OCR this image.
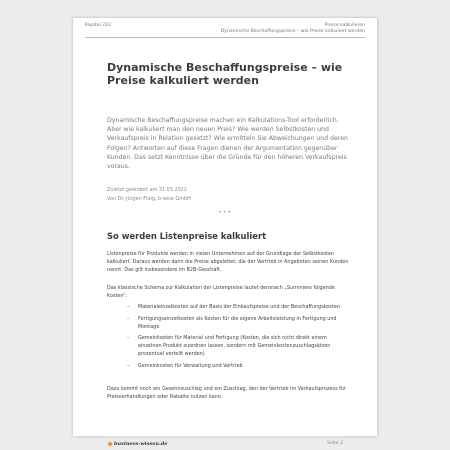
Kapitel 222	Preise kalkulieren
Dynamische Beschaffungspreise – wie Preise kalkuliert werden
Dynamische Beschaffungspreise – wie Preise kalkuliert werden
Dynamische Beschaffungspreise machen ein Kalkulations-Tool erforderlich. Aber wie kalkuliert man den neuen Preis? Wie werden Selbstkosten und Verkaufspreis in Relation gesetzt? Wie ermitteln Sie Abweichungen und deren Folgen? Antworten auf diese Fragen dienen der Argumentation gegenüber Kunden. Das setzt Kenntnisse über die Gründe für den höheren Verkaufspreis voraus.
Zuletzt geändert am 31.03.2022
Von Dr. Jürgen Fleig, b-wise GmbH
•••
So werden Listenpreise kalkuliert
Listenpreise für Produkte werden in vielen Unternehmen auf der Grundlage der Selbstkosten kalkuliert. Daraus werden dann die Preise abgeleitet, die der Vertrieb in Angeboten seinen Kunden nennt. Das gilt insbesondere im B2B-Geschäft.
Das klassische Schema zur Kalkulation der Listenpreise lautet demnach „Summiere folgende Kosten“:
– Materialeinzelkosten auf der Basis der Einkaufspreise und der Beschaffungskosten
– Fertigungseinzelkosten als Kosten für die eigene Arbeitsleistung in Fertigung und Montage
– Gemeinkosten für Material und Fertigung (Kosten, die sich nicht direkt einem einzelnen Produkt zuordnen lassen, sondern mit Gemeinkostenzuschlagsätzen prozentual verteilt werden)
– Gemeinkosten für Verwaltung und Vertrieb
Dazu kommt noch ein Gewinnzuschlag und ein Zuschlag, den der Vertrieb im Verkaufsprozess für Preisverhandlungen oder Rabatte nutzen kann.
business-wissen.de	Seite 2
